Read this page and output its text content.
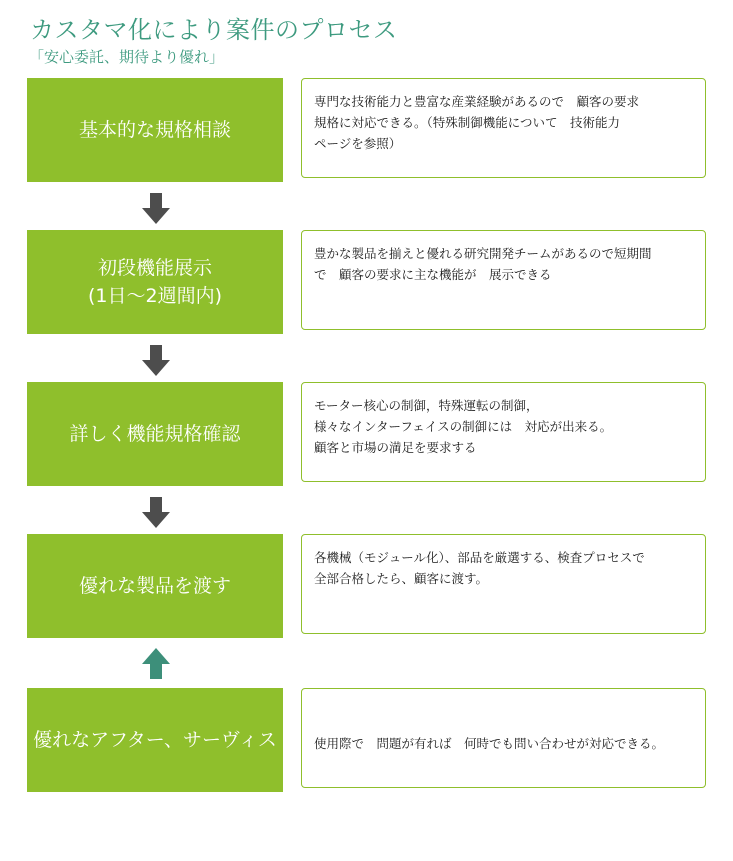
カスタマ化により案件のプロセス
「安心委託、期待より優れ」
基本的な規格相談
専門な技術能力と豊富な産業経験があるので　顧客の要求
規格に対応できる。（特殊制御機能について　技術能力
ページを参照）
初段機能展示
(1日～2週間内)
豊かな製品を揃えと優れる研究開発チームがあるので短期間
で　顧客の要求に主な機能が　展示できる
詳しく機能規格確認
モーター核心の制御，特殊運転の制御，
様々なインターフェイスの制御には　対応が出来る。
顧客と市場の満足を要求する
優れな製品を渡す
各機械（モジュール化）、部品を厳選する、検査プロセスで
全部合格したら、顧客に渡す。
優れなアフター、サーヴィス	使用際で　問題が有れば　何時でも問い合わせが対応できる。
